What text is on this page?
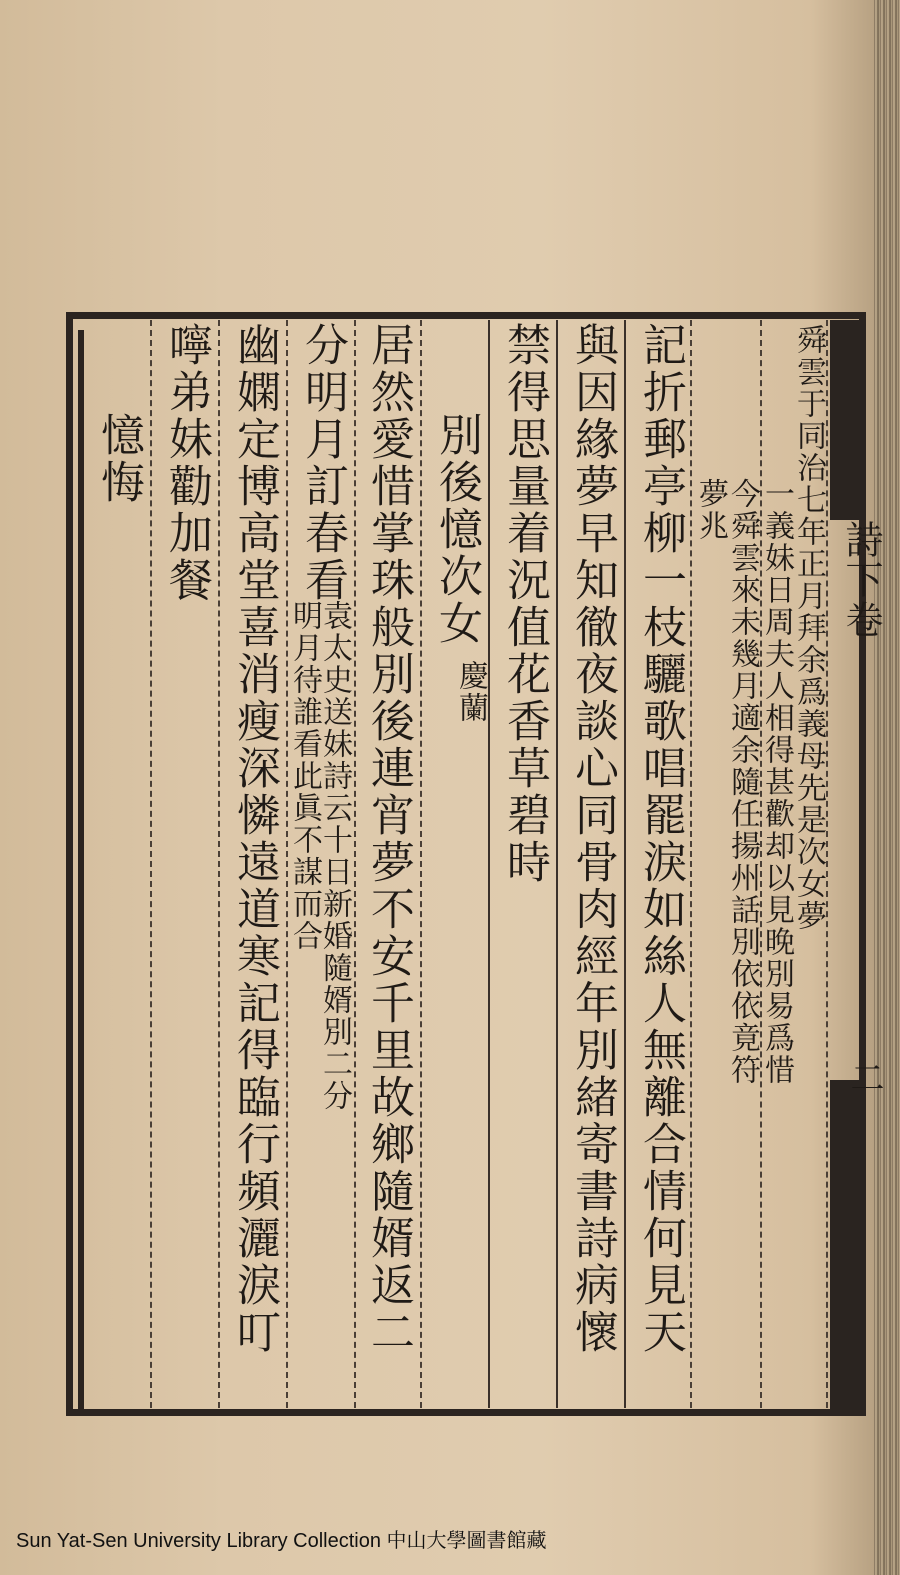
詩下卷
二
舜雲于同治七年正月拜余爲義母先是次女夢
一義妹日周夫人相得甚歡却以見晚別易爲惜
今舜雲來未幾月適余隨任揚州話別依依竟符
夢兆
記折郵亭柳一枝驪歌唱罷淚如絲人無離合情何見天
與因緣夢早知徹夜談心同骨肉經年別緒寄書詩病懷
禁得思量着況值花香草碧時
別後憶次女
慶蘭
居然愛惜掌珠般別後連宵夢不安千里故鄉隨婿返二
分明月訂春看
袁太史送妹詩云十日新婚隨婿別二分
明月待誰看此眞不謀而合
幽嫻定博高堂喜消瘦深憐遠道寒記得臨行頻灑淚叮
嚀弟妹勸加餐
憶悔
Sun Yat-Sen University Library Collection 中山大學圖書館藏
